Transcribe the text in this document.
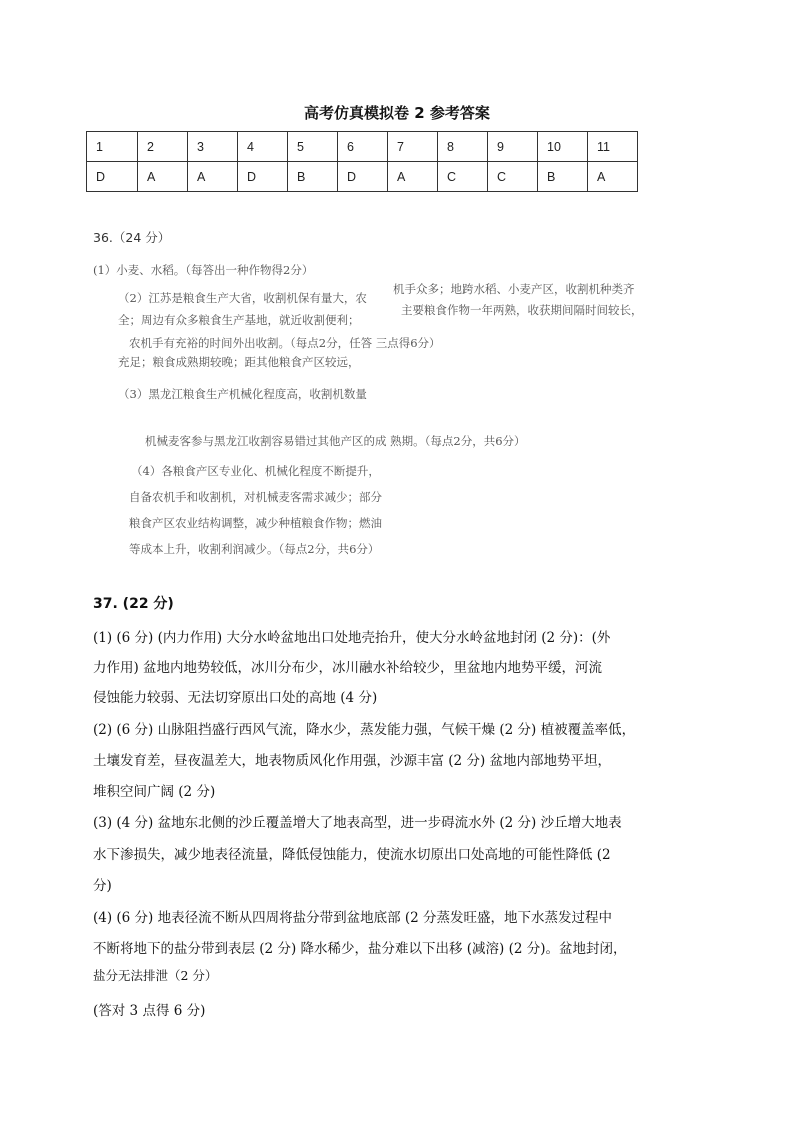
高考仿真模拟卷 2 参考答案
1	2	3	4	5	6	7	8	9	10	11
D	A	A	D	B	D	A	C	C	B	A
36.（24 分）
(1）小麦、水稻。（每答出一种作物得2分）
（2）江苏是粮食生产大省，收割机保有量大，农
机手众多；地跨水稻、小麦产区，收割机种类齐
全；周边有众多粮食生产基地，就近收割便利；
主要粮食作物一年两熟，收获期间隔时间较长，
农机手有充裕的时间外出收割。（每点2分，任答 三点得6分）
充足；粮食成熟期较晚；距其他粮食产区较远，
（3）黑龙江粮食生产机械化程度高，收割机数量
机械麦客参与黑龙江收割容易错过其他产区的成 熟期。（每点2分，共6分）
（4）各粮食产区专业化、机械化程度不断提升，
自备农机手和收割机，对机械麦客需求减少；部分
粮食产区农业结构调整，减少种植粮食作物；燃油
等成本上升，收割利润减少。（每点2分，共6分）
37. (22 分)
(1) (6 分) (内力作用) 大分水岭盆地出口处地壳抬升，使大分水岭盆地封闭 (2 分)：(外
力作用) 盆地内地势较低，冰川分布少，冰川融水补给较少，里盆地内地势平缓，河流
侵蚀能力较弱、无法切穿原出口处的高地 (4 分)
(2) (6 分) 山脉阻挡盛行西风气流，降水少，蒸发能力强，气候干燥 (2 分) 植被覆盖率低，
土壤发育差，昼夜温差大，地表物质风化作用强，沙源丰富 (2 分) 盆地内部地势平坦，
堆积空间广阔 (2 分)
(3) (4 分) 盆地东北侧的沙丘覆盖增大了地表高型，进一步碍流水外 (2 分) 沙丘增大地表
水下渗损失，减少地表径流量，降低侵蚀能力，使流水切原出口处高地的可能性降低 (2
分)
(4) (6 分) 地表径流不断从四周将盐分带到盆地底部 (2 分蒸发旺盛，地下水蒸发过程中
不断将地下的盐分带到表层 (2 分) 降水稀少，盐分难以下出移 (减溶) (2 分)。盆地封闭，
盐分无法排泄（2 分）
(答对 3 点得 6 分)
